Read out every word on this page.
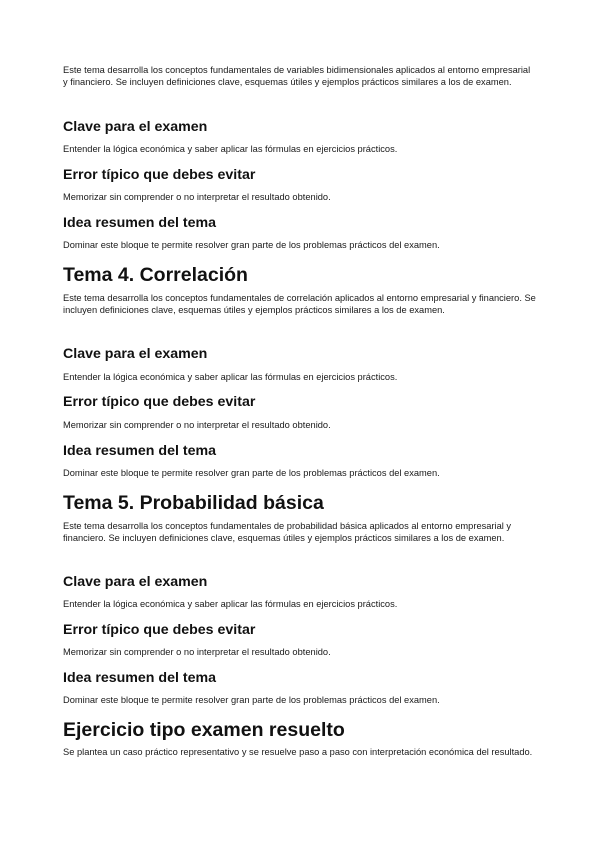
Este tema desarrolla los conceptos fundamentales de variables bidimensionales aplicados al entorno empresarial y financiero. Se incluyen definiciones clave, esquemas útiles y ejemplos prácticos similares a los de examen.

Clave para el examen

Entender la lógica económica y saber aplicar las fórmulas en ejercicios prácticos.

Error típico que debes evitar

Memorizar sin comprender o no interpretar el resultado obtenido.

Idea resumen del tema

Dominar este bloque te permite resolver gran parte de los problemas prácticos del examen.

Tema 4. Correlación

Este tema desarrolla los conceptos fundamentales de correlación aplicados al entorno empresarial y financiero. Se incluyen definiciones clave, esquemas útiles y ejemplos prácticos similares a los de examen.

Clave para el examen

Entender la lógica económica y saber aplicar las fórmulas en ejercicios prácticos.

Error típico que debes evitar

Memorizar sin comprender o no interpretar el resultado obtenido.

Idea resumen del tema

Dominar este bloque te permite resolver gran parte de los problemas prácticos del examen.

Tema 5. Probabilidad básica

Este tema desarrolla los conceptos fundamentales de probabilidad básica aplicados al entorno empresarial y financiero. Se incluyen definiciones clave, esquemas útiles y ejemplos prácticos similares a los de examen.

Clave para el examen

Entender la lógica económica y saber aplicar las fórmulas en ejercicios prácticos.

Error típico que debes evitar

Memorizar sin comprender o no interpretar el resultado obtenido.

Idea resumen del tema

Dominar este bloque te permite resolver gran parte de los problemas prácticos del examen.

Ejercicio tipo examen resuelto

Se plantea un caso práctico representativo y se resuelve paso a paso con interpretación económica del resultado.
